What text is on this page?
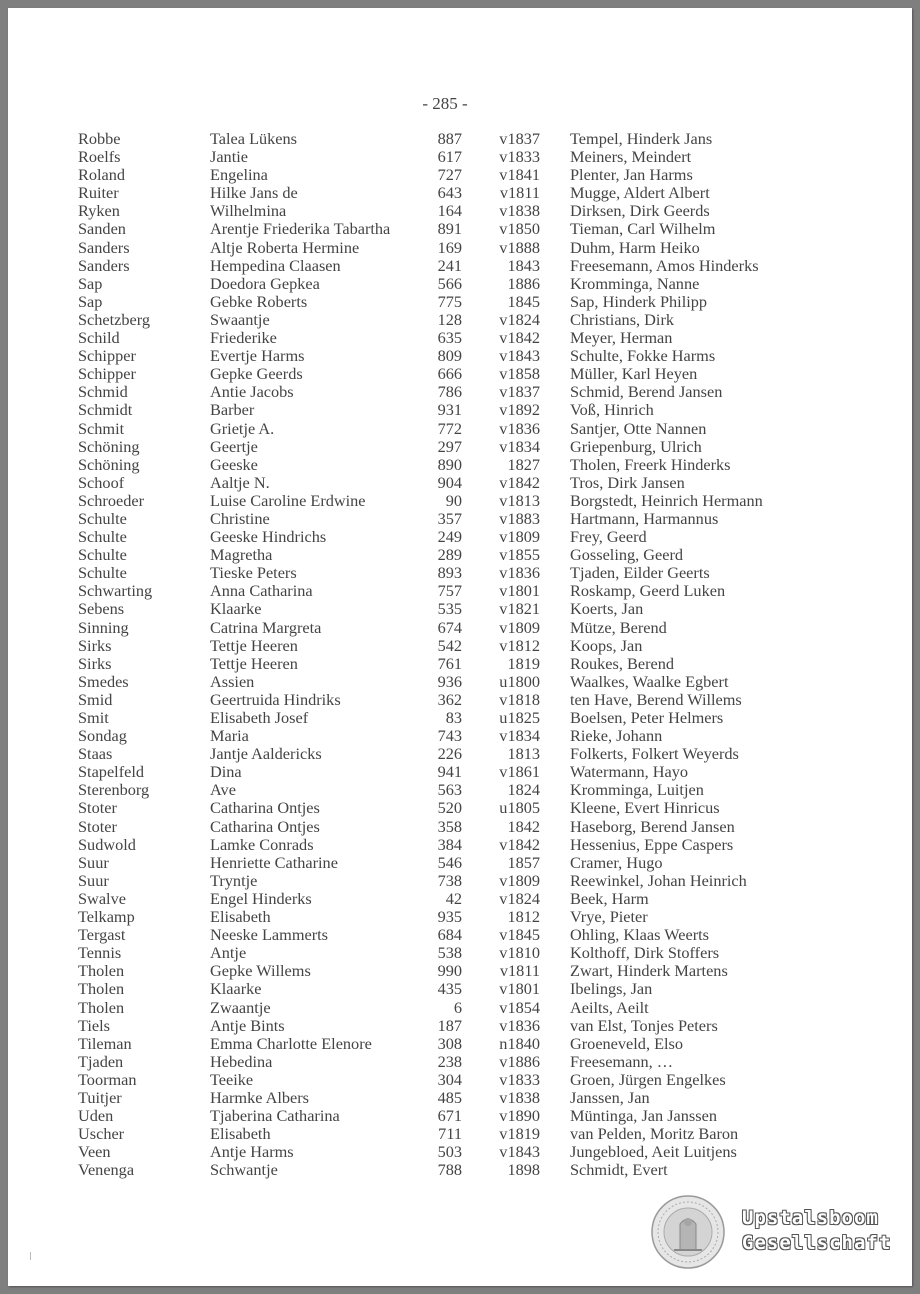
- 285 -
Robbe	Talea Lükens	887	v1837 Tempel, Hinderk Jans
Roelfs	Jantie	617	v1833 Meiners, Meindert
Roland	Engelina	727	v1841 Plenter, Jan Harms
Ruiter	Hilke Jans de	643	v1811 Mugge, Aldert Albert
Ryken	Wilhelmina	164	v1838 Dirksen, Dirk Geerds
Sanden	Arentje Friederika Tabartha	891	v1850 Tieman, Carl Wilhelm
Sanders	Altje Roberta Hermine	169	v1888 Duhm, Harm Heiko
Sanders	Hempedina Claasen	241	1843 Freesemann, Amos Hinderks
Sap	Doedora Gepkea	566	1886 Kromminga, Nanne
Sap	Gebke Roberts	775	1845 Sap, Hinderk Philipp
Schetzberg	Swaantje	128	v1824 Christians, Dirk
Schild	Friederike	635	v1842 Meyer, Herman
Schipper	Evertje Harms	809	v1843 Schulte, Fokke Harms
Schipper	Gepke Geerds	666	v1858 Müller, Karl Heyen
Schmid	Antie Jacobs	786	v1837 Schmid, Berend Jansen
Schmidt	Barber	931	v1892 Voß, Hinrich
Schmit	Grietje A.	772	v1836 Santjer, Otte Nannen
Schöning	Geertje	297	v1834 Griepenburg, Ulrich
Schöning	Geeske	890	1827 Tholen, Freerk Hinderks
Schoof	Aaltje N.	904	v1842 Tros, Dirk Jansen
Schroeder	Luise Caroline Erdwine	90	v1813 Borgstedt, Heinrich Hermann
Schulte	Christine	357	v1883 Hartmann, Harmannus
Schulte	Geeske Hindrichs	249	v1809 Frey, Geerd
Schulte	Magretha	289	v1855 Gosseling, Geerd
Schulte	Tieske Peters	893	v1836 Tjaden, Eilder Geerts
Schwarting	Anna Catharina	757	v1801 Roskamp, Geerd Luken
Sebens	Klaarke	535	v1821 Koerts, Jan
Sinning	Catrina Margreta	674	v1809 Mütze, Berend
Sirks	Tettje Heeren	542	v1812 Koops, Jan
Sirks	Tettje Heeren	761	1819 Roukes, Berend
Smedes	Assien	936	u1800 Waalkes, Waalke Egbert
Smid	Geertruida Hindriks	362	v1818 ten Have, Berend Willems
Smit	Elisabeth Josef	83	u1825 Boelsen, Peter Helmers
Sondag	Maria	743	v1834 Rieke, Johann
Staas	Jantje Aaldericks	226	1813 Folkerts, Folkert Weyerds
Stapelfeld	Dina	941	v1861 Watermann, Hayo
Sterenborg	Ave	563	1824 Kromminga, Luitjen
Stoter	Catharina Ontjes	520	u1805 Kleene, Evert Hinricus
Stoter	Catharina Ontjes	358	1842 Haseborg, Berend Jansen
Sudwold	Lamke Conrads	384	v1842 Hessenius, Eppe Caspers
Suur	Henriette Catharine	546	1857 Cramer, Hugo
Suur	Tryntje	738	v1809 Reewinkel, Johan Heinrich
Swalve	Engel Hinderks	42	v1824 Beek, Harm
Telkamp	Elisabeth	935	1812 Vrye, Pieter
Tergast	Neeske Lammerts	684	v1845 Ohling, Klaas Weerts
Tennis	Antje	538	v1810 Kolthoff, Dirk Stoffers
Tholen	Gepke Willems	990	v1811 Zwart, Hinderk Martens
Tholen	Klaarke	435	v1801 Ibelings, Jan
Tholen	Zwaantje	6	v1854 Aeilts, Aeilt
Tiels	Antje Bints	187	v1836 van Elst, Tonjes Peters
Tileman	Emma Charlotte Elenore	308	n1840 Groeneveld, Elso
Tjaden	Hebedina	238	v1886 Freesemann, …
Toorman	Teeike	304	v1833 Groen, Jürgen Engelkes
Tuitjer	Harmke Albers	485	v1838 Janssen, Jan
Uden	Tjaberina Catharina	671	v1890 Müntinga, Jan Janssen
Uscher	Elisabeth	711	v1819 van Pelden, Moritz Baron
Veen	Antje Harms	503	v1843 Jungebloed, Aeit Luitjens
Venenga	Schwantje	788	1898 Schmidt, Evert
Upstalsboom
Gesellschaft
